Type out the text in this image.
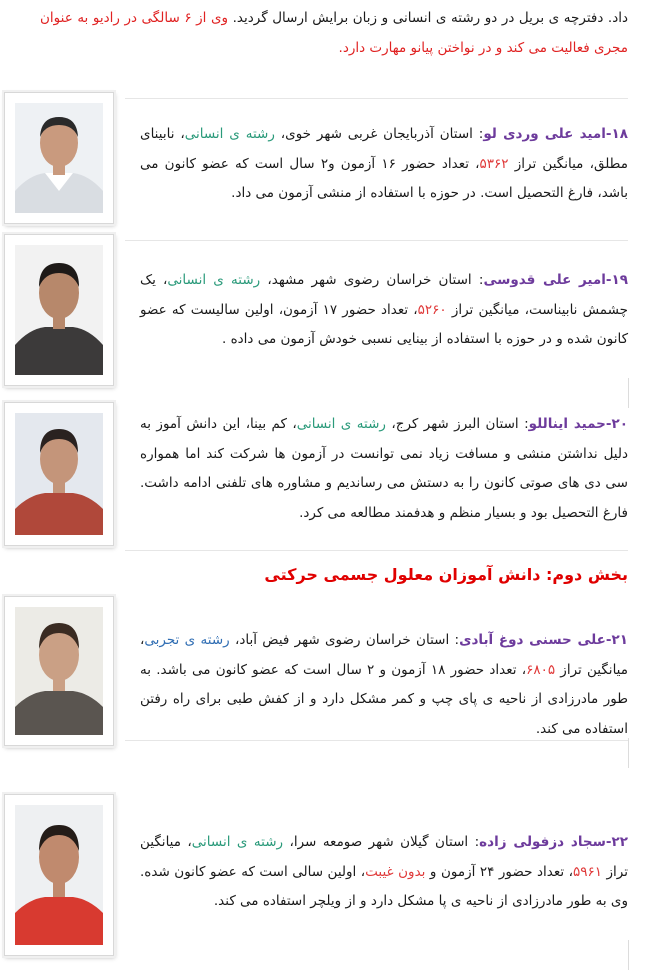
داد. دفترچه ی بریل در دو رشته ی انسانی و زبان برایش ارسال گردید. وی از ۶ سالگی در رادیو به عنوان مجری فعالیت می کند و در نواختن پیانو مهارت دارد.
۱۸-امید علی وردی لو: استان آذربایجان غربی شهر خوی، رشته ی انسانی، نابینای مطلق، میانگین تراز ۵۳۶۲، تعداد حضور ۱۶ آزمون و۲ سال است که عضو کانون می باشد، فارغ التحصیل است. در حوزه با استفاده از منشی آزمون می داد.
۱۹-امیر علی قدوسی: استان خراسان رضوی شهر مشهد، رشته ی انسانی، یک چشمش نابیناست، میانگین تراز ۵۲۶۰، تعداد حضور ۱۷ آزمون، اولین سالیست که عضو کانون شده و در حوزه با استفاده از بینایی نسبی خودش آزمون می داده .
۲۰-حمید ایناللو: استان البرز شهر کرج، رشته ی انسانی، کم بینا، این دانش آموز به دلیل نداشتن منشی و مسافت زیاد نمی توانست در آزمون ها شرکت کند اما همواره سی دی های صوتی کانون را به دستش می رساندیم و مشاوره های تلفنی ادامه داشت. فارغ التحصیل بود و بسیار منظم و هدفمند مطالعه می کرد.
بخش دوم: دانش آموزان معلول جسمی حرکتی
۲۱-علی حسنی دوغ آبادی: استان خراسان رضوی شهر فیض آباد، رشته ی تجربی، میانگین تراز ۶۸۰۵، تعداد حضور ۱۸ آزمون و ۲ سال است که عضو کانون می باشد. به طور مادرزادی از ناحیه ی پای چپ و کمر مشکل دارد و از کفش طبی برای راه رفتن استفاده می کند.
۲۲-سجاد دزفولی زاده: استان گیلان شهر صومعه سرا، رشته ی انسانی، میانگین تراز ۵۹۶۱، تعداد حضور ۲۴ آزمون و بدون غیبت، اولین سالی است که عضو کانون شده. وی به طور مادرزادی از ناحیه ی پا مشکل دارد و از ویلچر استفاده می کند.
